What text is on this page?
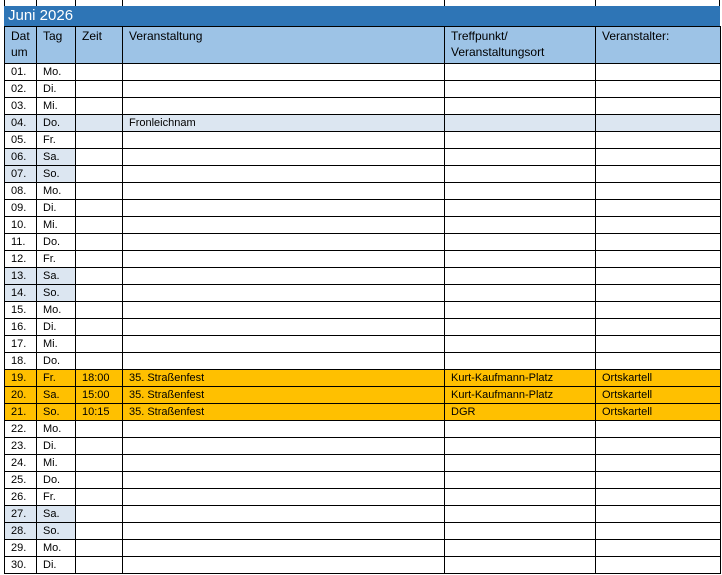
Juni 2026
Dat um	Tag	Zeit	Veranstaltung	Treffpunkt/ Veranstaltungsort	Veranstalter:
01.	Mo.				
02.	Di.				
03.	Mi.				
04.	Do.		Fronleichnam		
05.	Fr.				
06.	Sa.				
07.	So.				
08.	Mo.				
09.	Di.				
10.	Mi.				
11.	Do.				
12.	Fr.				
13.	Sa.				
14.	So.				
15.	Mo.				
16.	Di.				
17.	Mi.				
18.	Do.				
19.	Fr.	18:00	35. Straßenfest	Kurt-Kaufmann-Platz	Ortskartell
20.	Sa.	15:00	35. Straßenfest	Kurt-Kaufmann-Platz	Ortskartell
21.	So.	10:15	35. Straßenfest	DGR	Ortskartell
22.	Mo.				
23.	Di.				
24.	Mi.				
25.	Do.				
26.	Fr.				
27.	Sa.				
28.	So.				
29.	Mo.				
30.	Di.				
